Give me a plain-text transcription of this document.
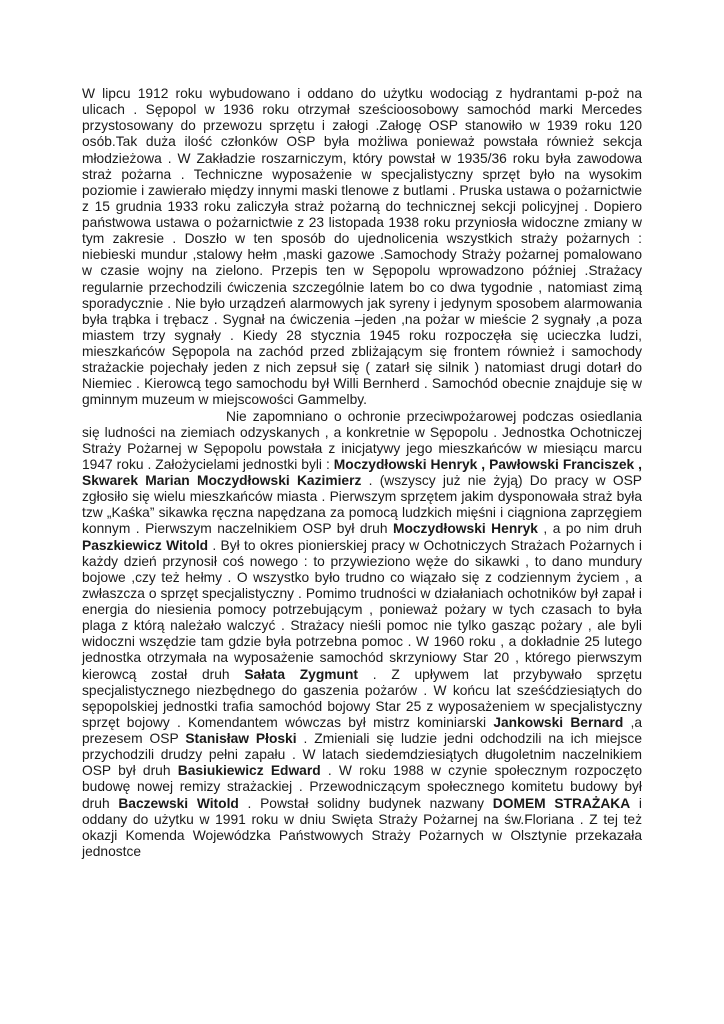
W lipcu 1912 roku wybudowano i oddano do użytku wodociąg z hydrantami p-poż na ulicach . Sępopol w 1936 roku otrzymał sześcioosobowy samochód marki Mercedes przystosowany do przewozu sprzętu i załogi .Załogę OSP stanowiło w 1939 roku 120 osób.Tak duża ilość członków OSP była możliwa ponieważ powstała również sekcja młodzieżowa . W Zakładzie roszarniczym, który powstał w 1935/36 roku była zawodowa straż pożarna . Techniczne wyposażenie w specjalistyczny sprzęt było na wysokim poziomie i zawierało między innymi maski tlenowe z butlami . Pruska ustawa o pożarnictwie z 15 grudnia 1933 roku zaliczyła straż pożarną do technicznej sekcji policyjnej . Dopiero państwowa ustawa o pożarnictwie z 23 listopada 1938 roku przyniosła widoczne zmiany w tym zakresie . Doszło w ten sposób do ujednolicenia wszystkich straży pożarnych : niebieski mundur ,stalowy hełm ,maski gazowe .Samochody Straży pożarnej pomalowano w czasie wojny na zielono. Przepis ten w Sępopolu wprowadzono później .Strażacy regularnie przechodzili ćwiczenia szczególnie latem bo co dwa tygodnie , natomiast zimą sporadycznie . Nie było urządzeń alarmowych jak syreny i jedynym sposobem alarmowania była trąbka i trębacz . Sygnał na ćwiczenia –jeden ,na pożar w mieście 2 sygnały ,a poza miastem trzy sygnały . Kiedy 28 stycznia 1945 roku rozpoczęła się ucieczka ludzi, mieszkańców Sępopola na zachód przed zbliżającym się frontem również i samochody strażackie pojechały jeden z nich zepsuł się ( zatarł się silnik ) natomiast drugi dotarł do Niemiec . Kierowcą tego samochodu był Willi Bernherd . Samochód obecnie znajduje się w gminnym muzeum w miejscowości Gammelby.

Nie zapomniano o ochronie przeciwpożarowej podczas osiedlania się ludności na ziemiach odzyskanych , a konkretnie w Sępopolu . Jednostka Ochotniczej Straży Pożarnej w Sępopolu powstała z inicjatywy jego mieszkańców w miesiącu marcu 1947 roku . Założycielami jednostki byli : Moczydłowski Henryk , Pawłowski Franciszek , Skwarek Marian Moczydłowski Kazimierz . (wszyscy już nie żyją) Do pracy w OSP zgłosiło się wielu mieszkańców miasta . Pierwszym sprzętem jakim dysponowała straż była tzw „Kaśka” sikawka ręczna napędzana za pomocą ludzkich mięśni i ciągniona zaprzęgiem konnym . Pierwszym naczelnikiem OSP był druh Moczydłowski Henryk , a po nim druh Paszkiewicz Witold . Był to okres pionierskiej pracy w Ochotniczych Strażach Pożarnych i każdy dzień przynosił coś nowego : to przywieziono węże do sikawki , to dano mundury bojowe ,czy też hełmy . O wszystko było trudno co wiązało się z codziennym życiem , a zwłaszcza o sprzęt specjalistyczny . Pomimo trudności w działaniach ochotników był zapał i energia do niesienia pomocy potrzebującym , ponieważ pożary w tych czasach to była plaga z którą należało walczyć . Strażacy nieśli pomoc nie tylko gasząc pożary , ale byli widoczni wszędzie tam gdzie była potrzebna pomoc . W 1960 roku , a dokładnie 25 lutego jednostka otrzymała na wyposażenie samochód skrzyniowy Star 20 , którego pierwszym kierowcą został druh Sałata Zygmunt . Z upływem lat przybywało sprzętu specjalistycznego niezbędnego do gaszenia pożarów . W końcu lat sześćdziesiątych do sępopolskiej jednostki trafia samochód bojowy Star 25 z wyposażeniem w specjalistyczny sprzęt bojowy . Komendantem wówczas był mistrz kominiarski Jankowski Bernard ,a prezesem OSP Stanisław Płoski . Zmieniali się ludzie jedni odchodzili na ich miejsce przychodzili drudzy pełni zapału . W latach siedemdziesiątych długoletnim naczelnikiem OSP był druh Basiukiewicz Edward . W roku 1988 w czynie społecznym rozpoczęto budowę nowej remizy strażackiej . Przewodniczącym społecznego komitetu budowy był druh Baczewski Witold . Powstał solidny budynek nazwany DOMEM STRAŻAKA i oddany do użytku w 1991 roku w dniu Swięta Straży Pożarnej na św.Floriana . Z tej też okazji Komenda Wojewódzka Państwowych Straży Pożarnych w Olsztynie przekazała jednostce
